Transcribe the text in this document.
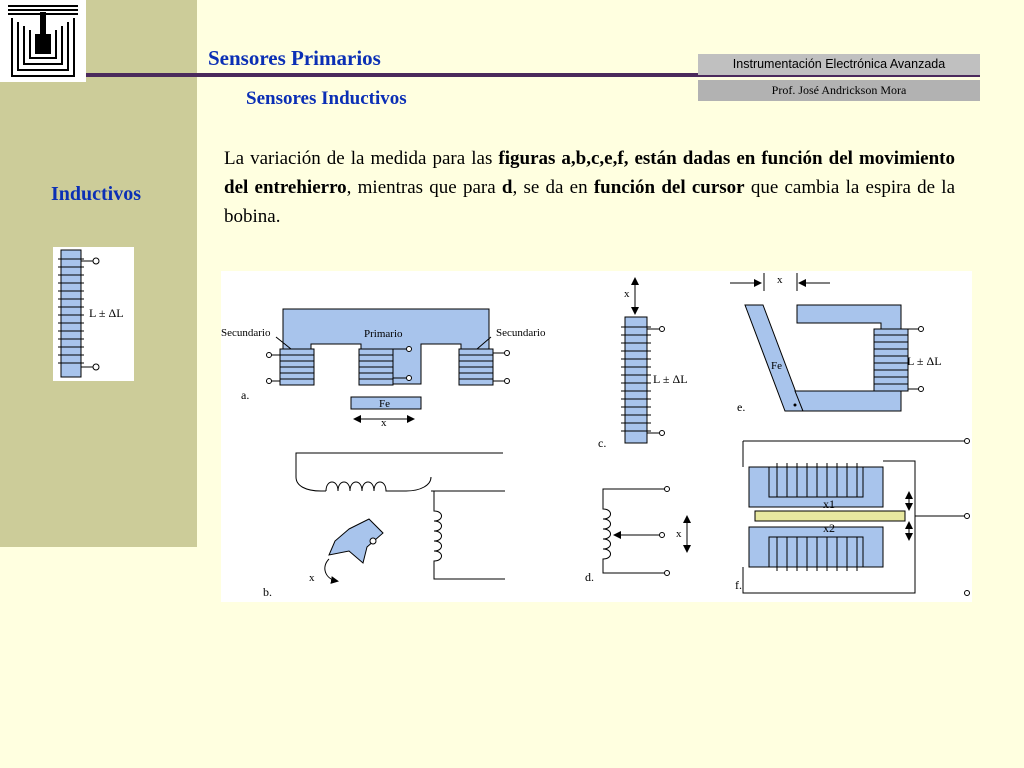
Sensores Primarios
Sensores Inductivos
Instrumentación Electrónica Avanzada
Prof. José Andrickson Mora
Inductivos
L ± ΔL
La variación de la medida para las figuras a,b,c,e,f, están dadas en función del movimiento del entrehierro, mientras que para d, se da en función del cursor que cambia la espira de la bobina.
Secundario	Primario	Secundario
Fe
x
a.
x
b.
x
L ± ΔL
c.
x
d.
x
Fe	L ± ΔL
e.
x1
x2
f.
